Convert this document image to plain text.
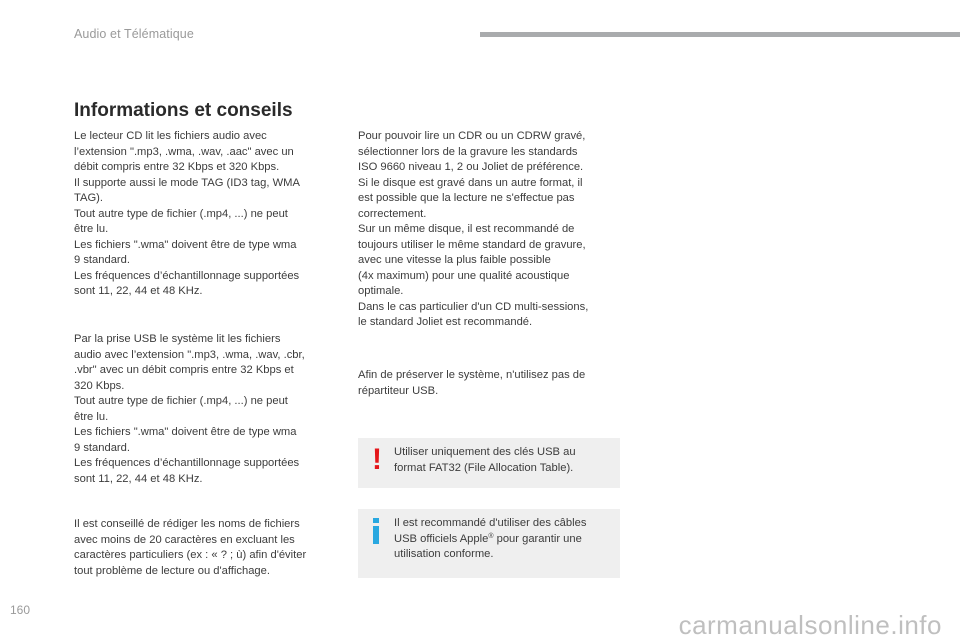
Audio et Télématique
Informations et conseils
Le lecteur CD lit les fichiers audio avec
l’extension ".mp3, .wma, .wav, .aac" avec un
débit compris entre 32 Kbps et 320 Kbps.
Il supporte aussi le mode TAG (ID3 tag, WMA
TAG).
Tout autre type de fichier (.mp4, ...) ne peut
être lu.
Les fichiers ".wma" doivent être de type wma
9 standard.
Les fréquences d’échantillonnage supportées
sont 11, 22, 44 et 48 KHz.
Par la prise USB le système lit les fichiers
audio avec l’extension ".mp3, .wma, .wav, .cbr,
.vbr" avec un débit compris entre 32 Kbps et
320 Kbps.
Tout autre type de fichier (.mp4, ...) ne peut
être lu.
Les fichiers ".wma" doivent être de type wma
9 standard.
Les fréquences d’échantillonnage supportées
sont 11, 22, 44 et 48 KHz.
Il est conseillé de rédiger les noms de fichiers
avec moins de 20 caractères en excluant les
caractères particuliers (ex : « ? ; ù) afin d'éviter
tout problème de lecture ou d'affichage.
Pour pouvoir lire un CDR ou un CDRW gravé,
sélectionner lors de la gravure les standards
ISO 9660 niveau 1, 2 ou Joliet de préférence.
Si le disque est gravé dans un autre format, il
est possible que la lecture ne s'effectue pas
correctement.
Sur un même disque, il est recommandé de
toujours utiliser le même standard de gravure,
avec une vitesse la plus faible possible
(4x maximum) pour une qualité acoustique
optimale.
Dans le cas particulier d'un CD multi-sessions,
le standard Joliet est recommandé.
Afin de préserver le système, n'utilisez pas de
répartiteur USB.
! Utiliser uniquement des clés USB au
format FAT32 (File Allocation Table).
Il est recommandé d'utiliser des câbles
USB officiels Apple® pour garantir une
utilisation conforme.
160	carmanualsonline.info
